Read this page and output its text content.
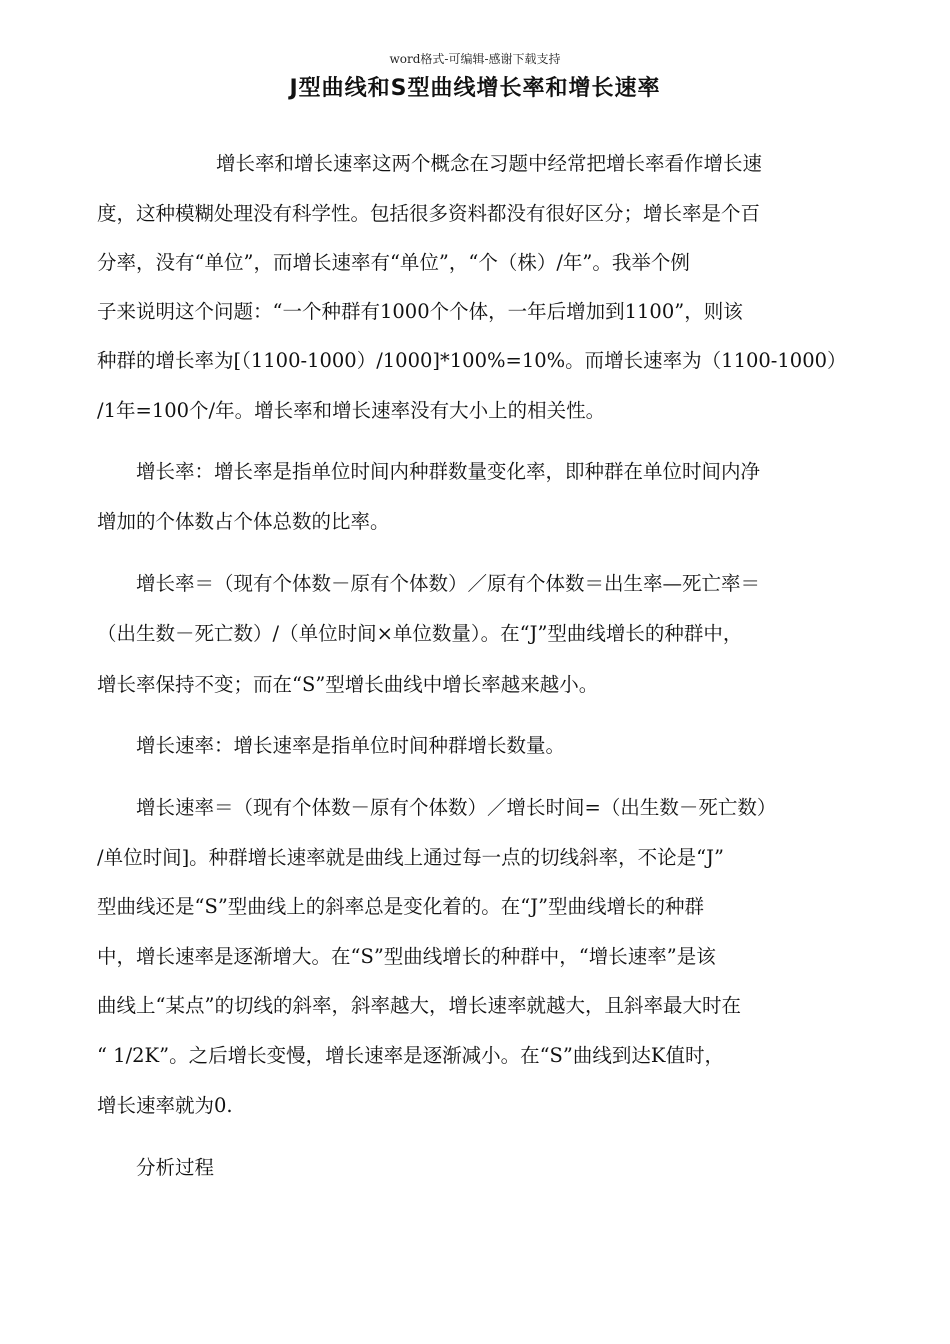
word格式-可编辑-感谢下载支持
J型曲线和S型曲线增长率和增长速率
增长率和增长速率这两个概念在习题中经常把增长率看作增长速
度，这种模糊处理没有科学性。包括很多资料都没有很好区分；增长率是个百
分率，没有“单位”，而增长速率有“单位”，“个（株）/年”。我举个例
子来说明这个问题：“一个种群有1000个个体，一年后增加到1100”，则该
种群的增长率为[（1100-1000）/1000]*100%=10%。而增长速率为（1100-1000）
/1年=100个/年。增长率和增长速率没有大小上的相关性。
增长率：增长率是指单位时间内种群数量变化率，即种群在单位时间内净
增加的个体数占个体总数的比率。
增长率＝（现有个体数－原有个体数）／原有个体数＝出生率—死亡率＝
（出生数－死亡数）/（单位时间×单位数量）。在“J”型曲线增长的种群中，
增长率保持不变；而在“S”型增长曲线中增长率越来越小。
增长速率：增长速率是指单位时间种群增长数量。
增长速率＝（现有个体数－原有个体数）／增长时间=（出生数－死亡数）
/单位时间]。种群增长速率就是曲线上通过每一点的切线斜率，不论是“J”
型曲线还是“S”型曲线上的斜率总是变化着的。在“J”型曲线增长的种群
中，增长速率是逐渐增大。在“S”型曲线增长的种群中，“增长速率”是该
曲线上“某点”的切线的斜率，斜率越大，增长速率就越大，且斜率最大时在
“ 1/2K”。之后增长变慢，增长速率是逐渐减小。在“S”曲线到达K值时，
增长速率就为0.
分析过程
